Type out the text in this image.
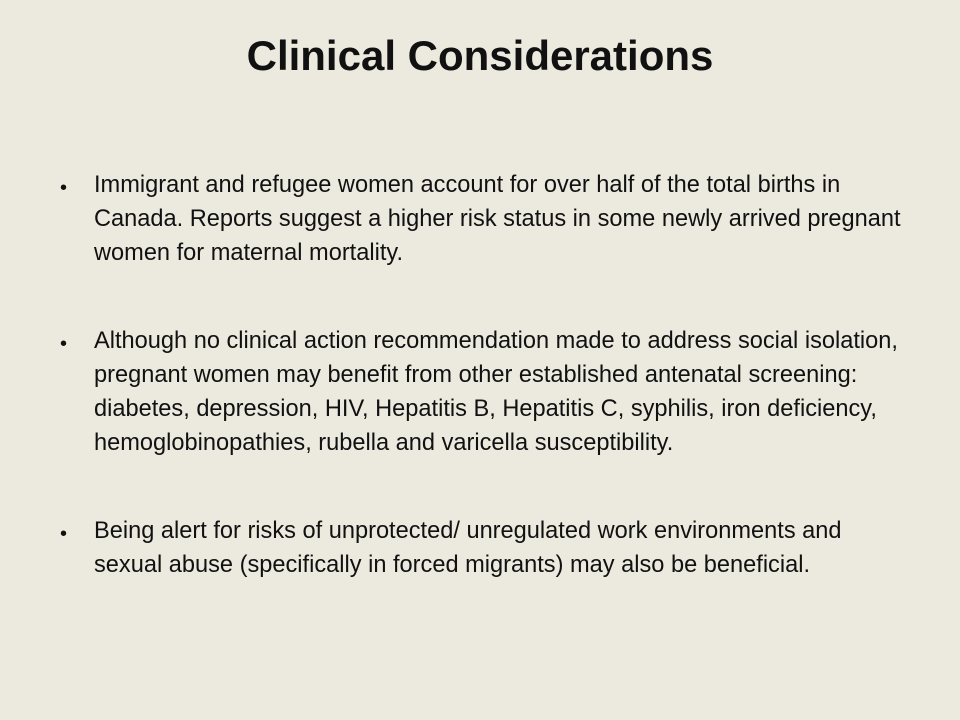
Clinical Considerations
• Immigrant and refugee women account for over half of the total births in Canada. Reports suggest a higher risk status in some newly arrived pregnant women for maternal mortality.
• Although no clinical action recommendation made to address social isolation, pregnant women may benefit from other established antenatal screening: diabetes, depression, HIV, Hepatitis B, Hepatitis C, syphilis, iron deficiency, hemoglobinopathies, rubella and varicella susceptibility.
• Being alert for risks of unprotected/ unregulated work environments and sexual abuse (specifically in forced migrants) may also be beneficial.
